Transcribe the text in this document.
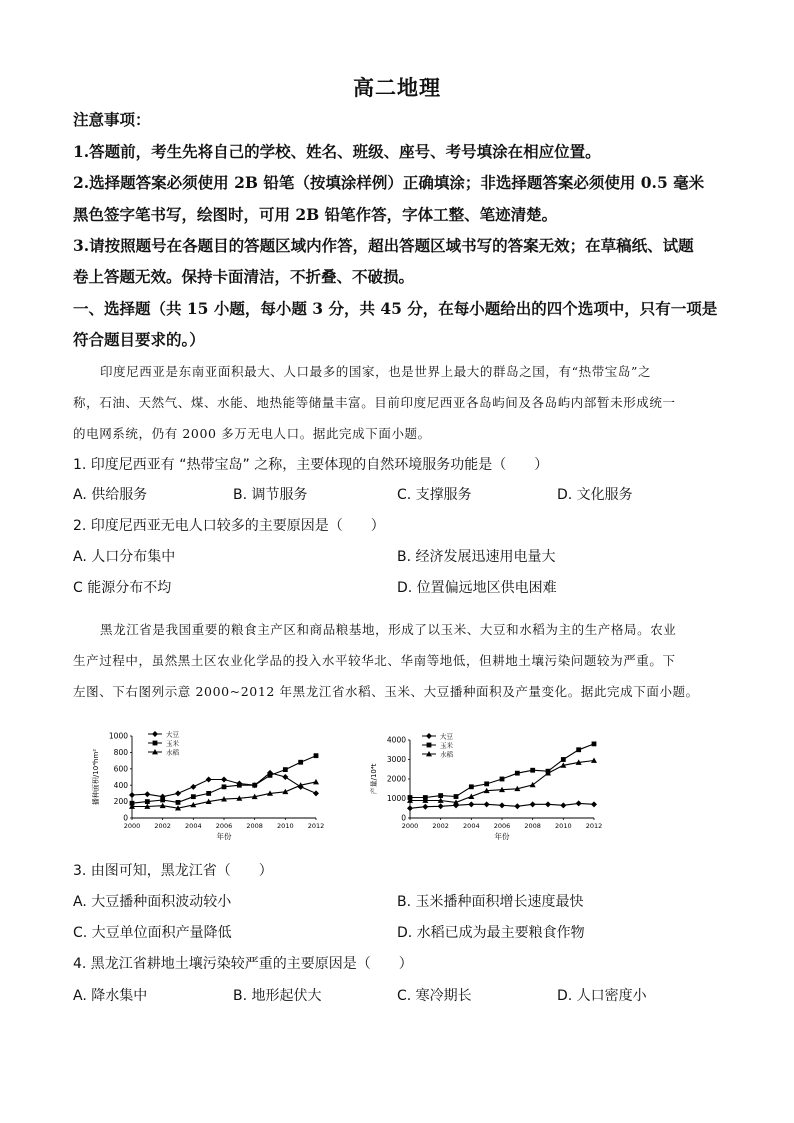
高二地理
注意事项：
1.答题前，考生先将自己的学校、姓名、班级、座号、考号填涂在相应位置。
2.选择题答案必须使用 2B 铅笔（按填涂样例）正确填涂；非选择题答案必须使用 0.5 毫米
黑色签字笔书写，绘图时，可用 2B 铅笔作答，字体工整、笔迹清楚。
3.请按照题号在各题目的答题区域内作答，超出答题区域书写的答案无效；在草稿纸、试题
卷上答题无效。保持卡面清洁，不折叠、不破损。
一、选择题（共 15 小题，每小题 3 分，共 45 分，在每小题给出的四个选项中，只有一项是
符合题目要求的。）
印度尼西亚是东南亚面积最大、人口最多的国家，也是世界上最大的群岛之国，有“热带宝岛”之
称，石油、天然气、煤、水能、地热能等储量丰富。目前印度尼西亚各岛屿间及各岛屿内部暂未形成统一
的电网系统，仍有 2000 多万无电人口。据此完成下面小题。
1. 印度尼西亚有 “热带宝岛” 之称，主要体现的自然环境服务功能是（　　）
A. 供给服务	B. 调节服务	C. 支撑服务	D. 文化服务
2. 印度尼西亚无电人口较多的主要原因是（　　）
A. 人口分布集中	B. 经济发展迅速用电量大
C 能源分布不均	D. 位置偏远地区供电困难
黑龙江省是我国重要的粮食主产区和商品粮基地，形成了以玉米、大豆和水稻为主的生产格局。农业
生产过程中，虽然黑土区农业化学品的投入水平较华北、华南等地低，但耕地土壤污染问题较为严重。下
左图、下右图列示意 2000~2012 年黑龙江省水稻、玉米、大豆播种面积及产量变化。据此完成下面小题。
0
200
400
600
800
1000
2000 2002 2004 2006 2008 2010 2012
年份
播种面积/10⁴hm²
大豆
玉米
水稻
0
1000
2000
3000
4000
2000 2002 2004 2006 2008 2010 2012
年份
产量/10⁴t
大豆
玉米
水稻
3. 由图可知，黑龙江省（　　）
A. 大豆播种面积波动较小	B. 玉米播种面积增长速度最快
C. 大豆单位面积产量降低	D. 水稻已成为最主要粮食作物
4. 黑龙江省耕地土壤污染较严重的主要原因是（　　）
A. 降水集中	B. 地形起伏大	C. 寒冷期长	D. 人口密度小
